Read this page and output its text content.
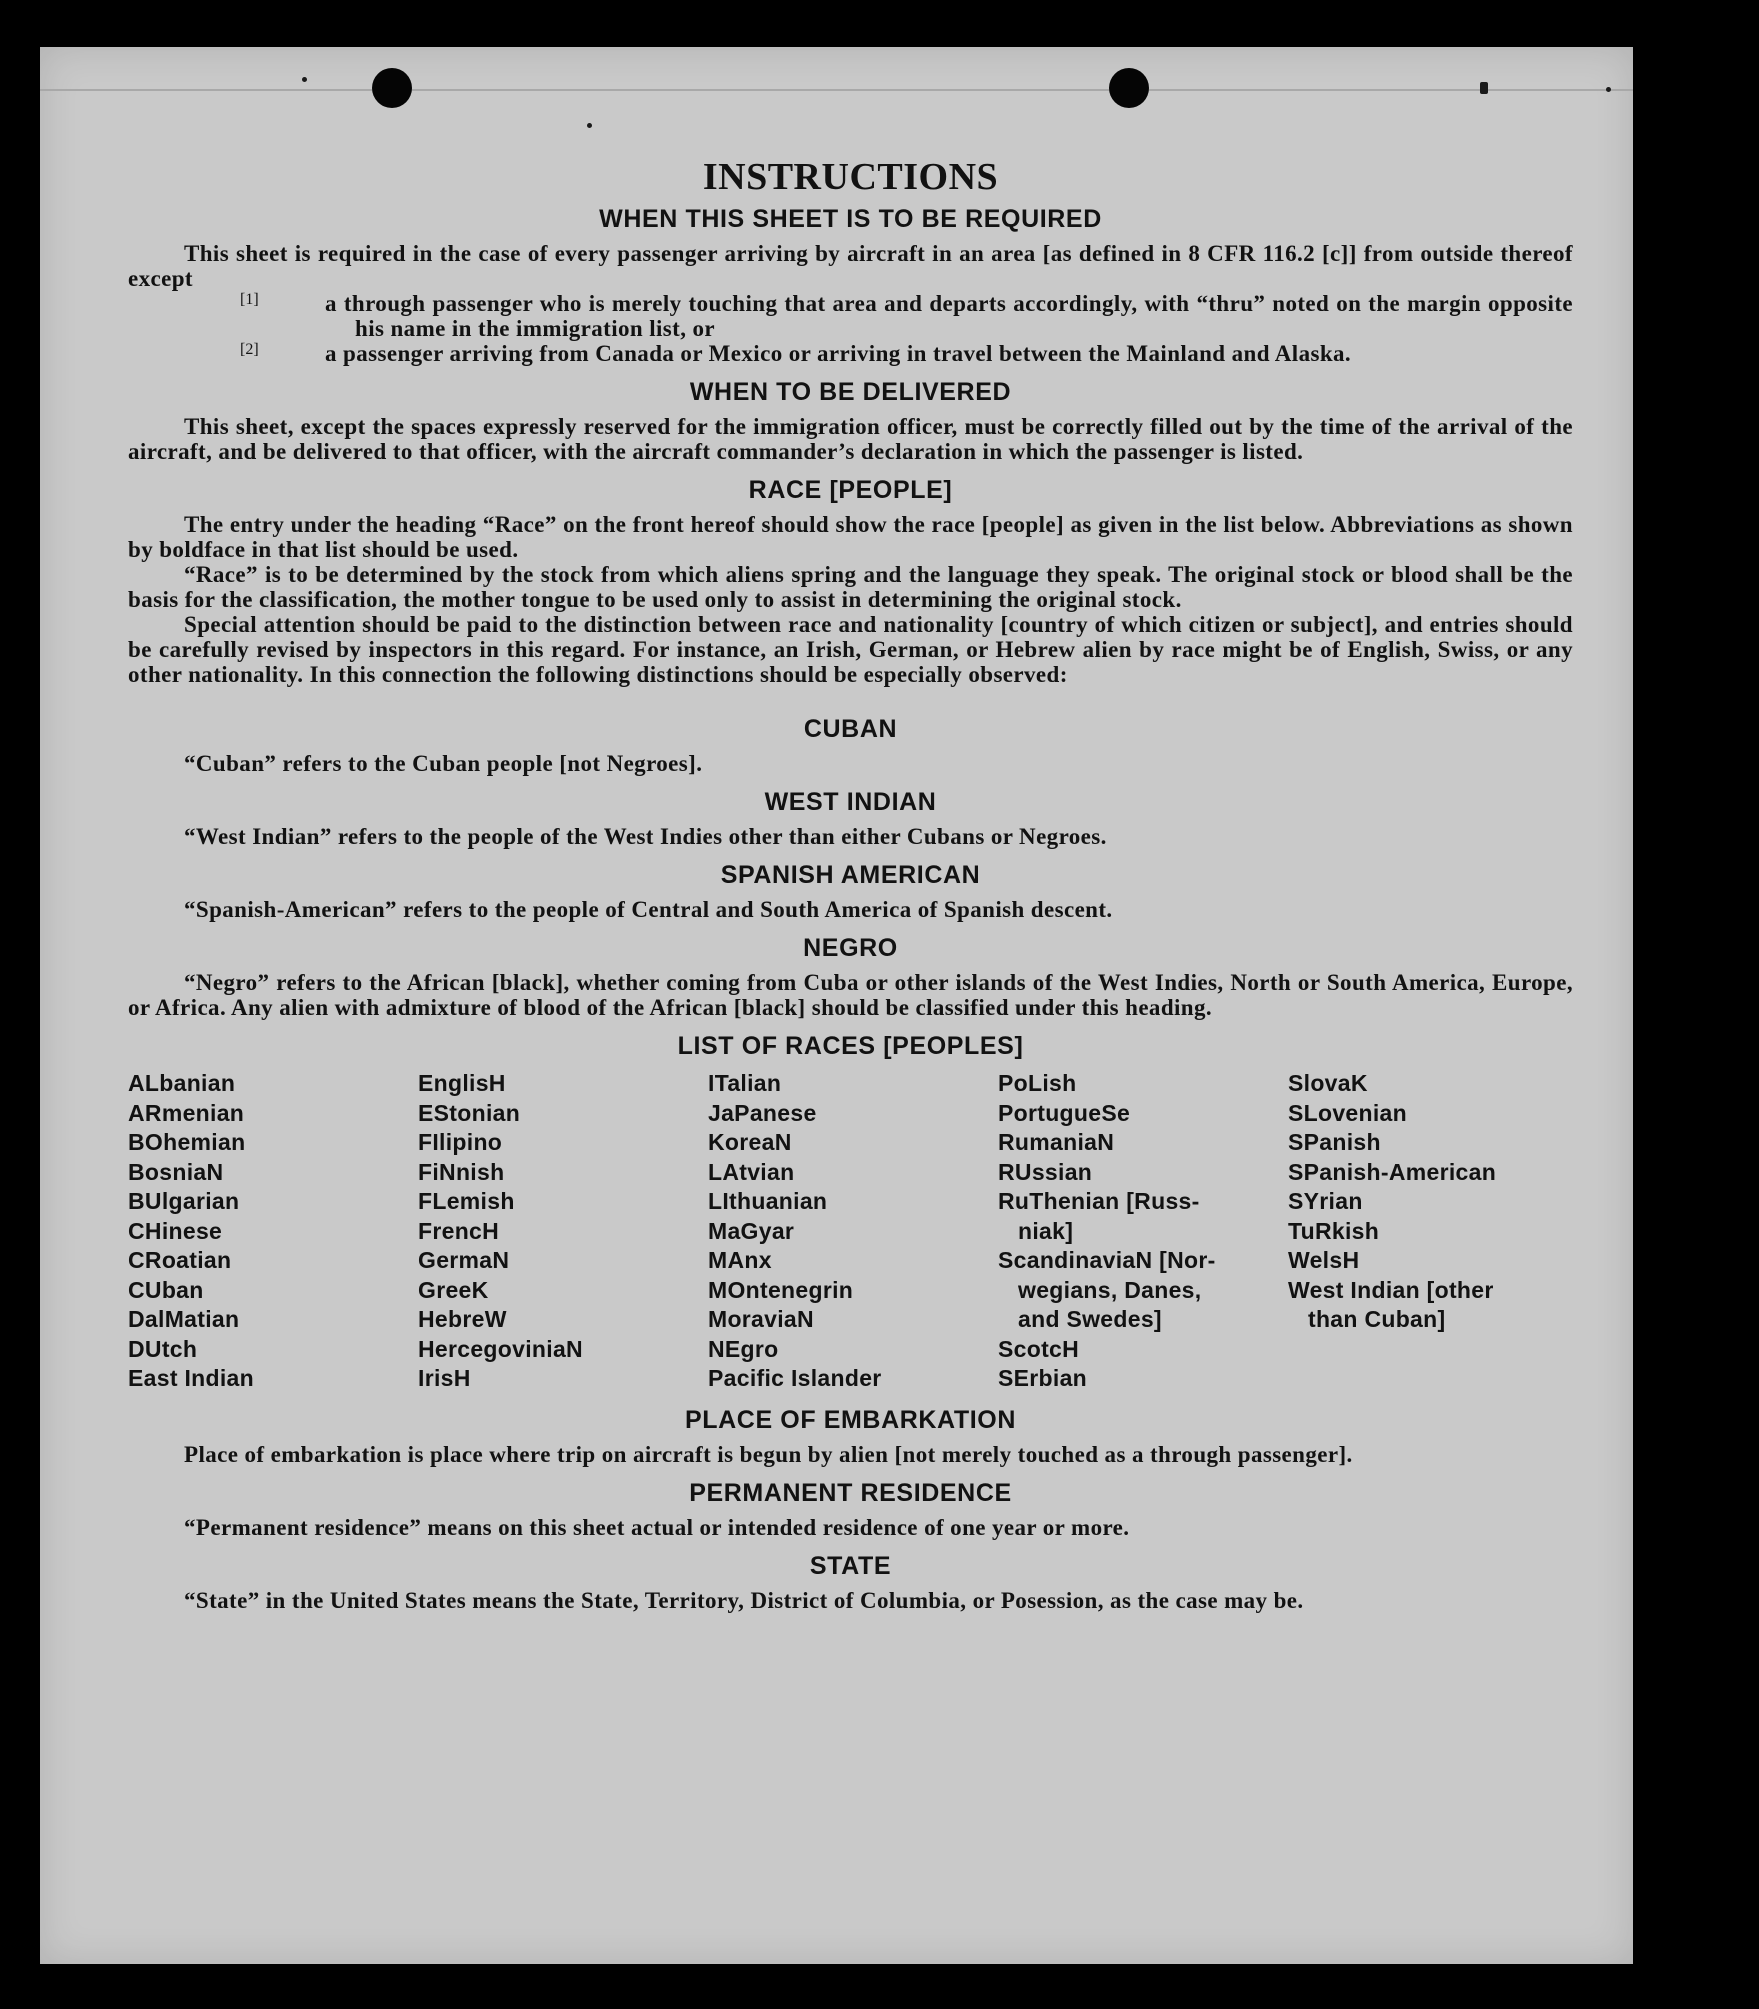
INSTRUCTIONS
WHEN THIS SHEET IS TO BE REQUIRED

This sheet is required in the case of every passenger arriving by aircraft in an area [as defined in 8 CFR 116.2 [c]] from outside thereof except

[1]	a through passenger who is merely touching that area and departs accordingly, with “thru” noted on the margin opposite his name in the immigration list, or

[2]	a passenger arriving from Canada or Mexico or arriving in travel between the Mainland and Alaska.

WHEN TO BE DELIVERED

This sheet, except the spaces expressly reserved for the immigration officer, must be correctly filled out by the time of the arrival of the aircraft, and be delivered to that officer, with the aircraft commander’s declaration in which the passenger is listed.

RACE [PEOPLE]

The entry under the heading “Race” on the front hereof should show the race [people] as given in the list below. Abbreviations as shown by boldface in that list should be used.

“Race” is to be determined by the stock from which aliens spring and the language they speak. The original stock or blood shall be the basis for the classification, the mother tongue to be used only to assist in determining the original stock.

Special attention should be paid to the distinction between race and nationality [country of which citizen or subject], and entries should be carefully revised by inspectors in this regard. For instance, an Irish, German, or Hebrew alien by race might be of English, Swiss, or any other nationality. In this connection the following distinctions should be especially observed:

CUBAN

“Cuban” refers to the Cuban people [not Negroes].

WEST INDIAN

“West Indian” refers to the people of the West Indies other than either Cubans or Negroes.

SPANISH AMERICAN

“Spanish-American” refers to the people of Central and South America of Spanish descent.

NEGRO

“Negro” refers to the African [black], whether coming from Cuba or other islands of the West Indies, North or South America, Europe, or Africa. Any alien with admixture of blood of the African [black] should be classified under this heading.

LIST OF RACES [PEOPLES]
ALbanian
ARmenian
BOhemian
BosniaN
BUlgarian
CHinese
CRoatian
CUban
DalMatian
DUtch
East Indian
EnglisH
EStonian
FIlipino
FiNnish
FLemish
FrencH
GermaN
GreeK
HebreW
HercegoviniaN
IrisH
ITalian
JaPanese
KoreaN
LAtvian
LIthuanian
MaGyar
MAnx
MOntenegrin
MoraviaN
NEgro
Pacific Islander
PoLish
PortugueSe
RumaniaN
RUssian
RuThenian [Russ-
niak]
ScandinaviaN [Nor-
wegians, Danes,
and Swedes]
ScotcH
SErbian
SlovaK
SLovenian
SPanish
SPanish-American
SYrian
TuRkish
WelsH
West Indian [other
than Cuban]
PLACE OF EMBARKATION

Place of embarkation is place where trip on aircraft is begun by alien [not merely touched as a through passenger].

PERMANENT RESIDENCE

“Permanent residence” means on this sheet actual or intended residence of one year or more.

STATE

“State” in the United States means the State, Territory, District of Columbia, or Posession, as the case may be.
